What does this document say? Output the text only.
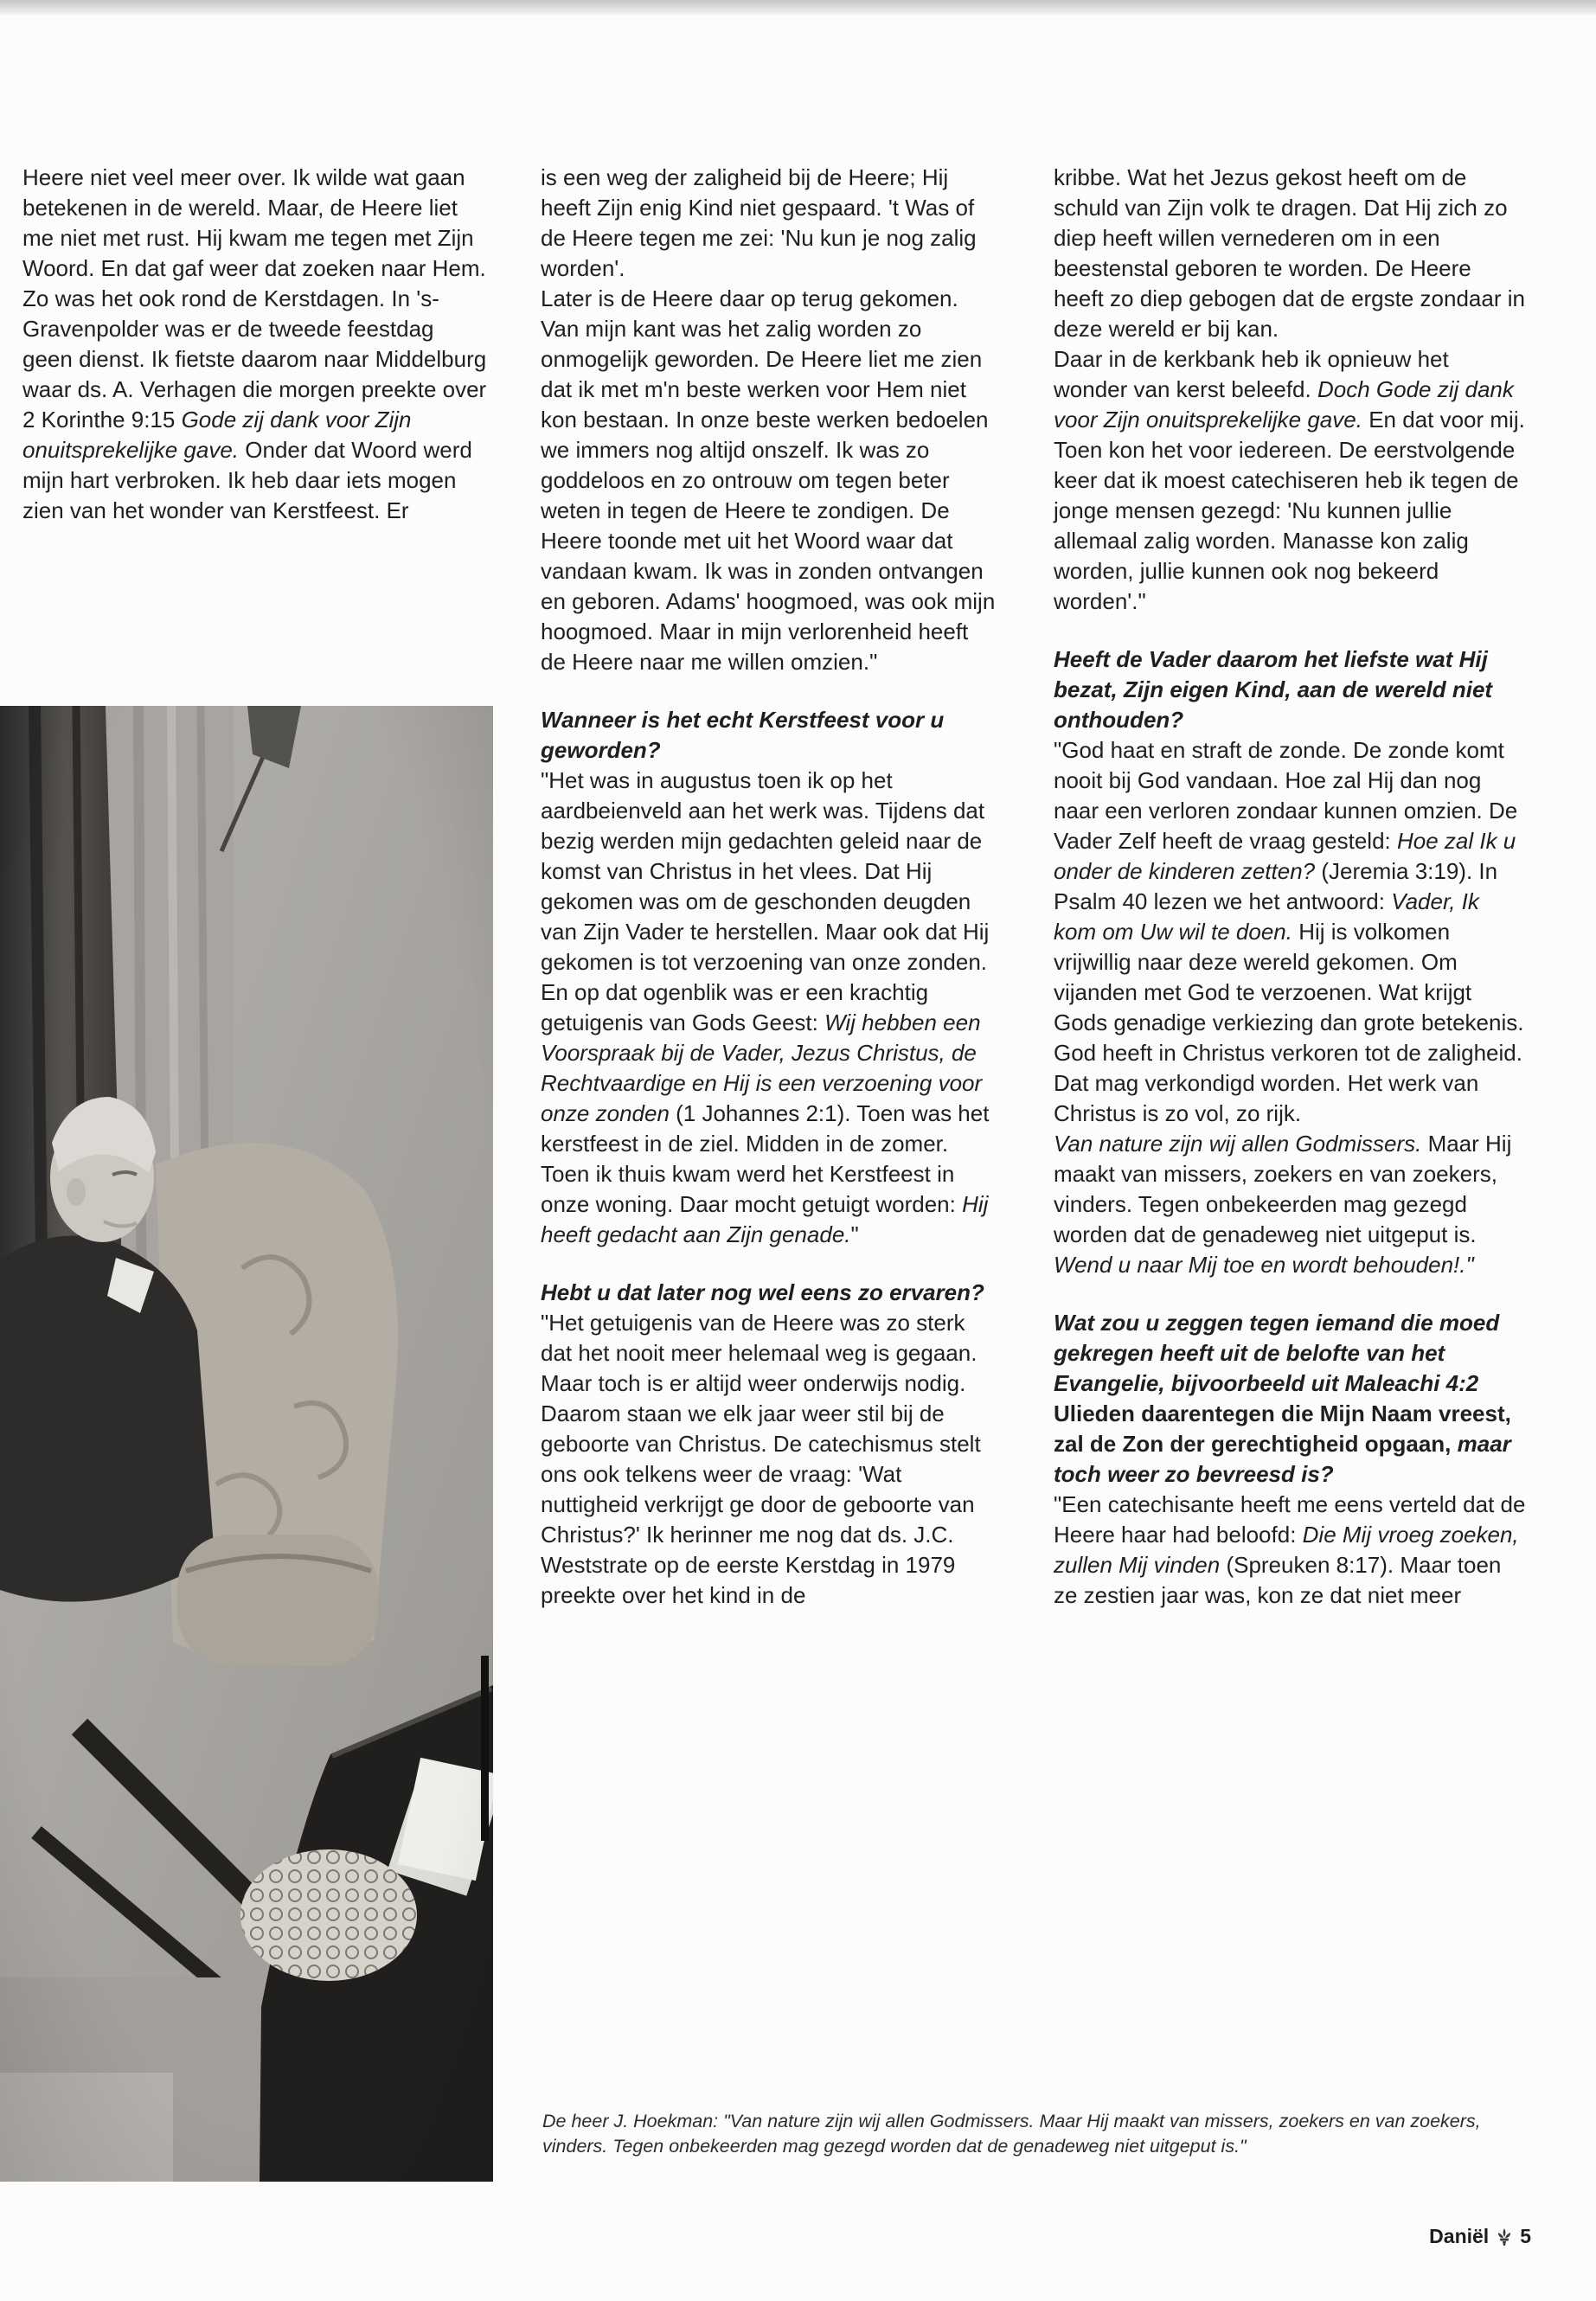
Heere niet veel meer over. Ik wilde wat gaan betekenen in de wereld. Maar, de Heere liet me niet met rust. Hij kwam me tegen met Zijn Woord. En dat gaf weer dat zoeken naar Hem. Zo was het ook rond de Kerstdagen. In 's-Gravenpolder was er de tweede feestdag geen dienst. Ik fietste daarom naar Middelburg waar ds. A. Verhagen die morgen preekte over 2 Korinthe 9:15 Gode zij dank voor Zijn onuitsprekelijke gave. Onder dat Woord werd mijn hart verbroken. Ik heb daar iets mogen zien van het wonder van Kerstfeest. Er

is een weg der zaligheid bij de Heere; Hij heeft Zijn enig Kind niet gespaard. 't Was of de Heere tegen me zei: 'Nu kun je nog zalig worden'.

Later is de Heere daar op terug gekomen. Van mijn kant was het zalig worden zo onmogelijk geworden. De Heere liet me zien dat ik met m'n beste werken voor Hem niet kon bestaan. In onze beste werken bedoelen we immers nog altijd onszelf. Ik was zo goddeloos en zo ontrouw om tegen beter weten in tegen de Heere te zondigen. De Heere toonde met uit het Woord waar dat vandaan kwam. Ik was in zonden ontvangen en geboren. Adams' hoogmoed, was ook mijn hoogmoed. Maar in mijn verlorenheid heeft de Heere naar me willen omzien."

Wanneer is het echt Kerstfeest voor u geworden?

"Het was in augustus toen ik op het aardbeienveld aan het werk was. Tijdens dat bezig werden mijn gedachten geleid naar de komst van Christus in het vlees. Dat Hij gekomen was om de geschonden deugden van Zijn Vader te herstellen. Maar ook dat Hij gekomen is tot verzoening van onze zonden. En op dat ogenblik was er een krachtig getuigenis van Gods Geest: Wij hebben een Voorspraak bij de Vader, Jezus Christus, de Rechtvaardige en Hij is een verzoening voor onze zonden (1 Johannes 2:1). Toen was het kerstfeest in de ziel. Midden in de zomer. Toen ik thuis kwam werd het Kerstfeest in onze woning. Daar mocht getuigt worden: Hij heeft gedacht aan Zijn genade."

Hebt u dat later nog wel eens zo ervaren?

"Het getuigenis van de Heere was zo sterk dat het nooit meer helemaal weg is gegaan. Maar toch is er altijd weer onderwijs nodig. Daarom staan we elk jaar weer stil bij de geboorte van Christus. De catechismus stelt ons ook telkens weer de vraag: 'Wat nuttigheid verkrijgt ge door de geboorte van Christus?' Ik herinner me nog dat ds. J.C. Weststrate op de eerste Kerstdag in 1979 preekte over het kind in de

kribbe. Wat het Jezus gekost heeft om de schuld van Zijn volk te dragen. Dat Hij zich zo diep heeft willen vernederen om in een beestenstal geboren te worden. De Heere heeft zo diep gebogen dat de ergste zondaar in deze wereld er bij kan.

Daar in de kerkbank heb ik opnieuw het wonder van kerst beleefd. Doch Gode zij dank voor Zijn onuitsprekelijke gave. En dat voor mij. Toen kon het voor iedereen. De eerstvolgende keer dat ik moest catechiseren heb ik tegen de jonge mensen gezegd: 'Nu kunnen jullie allemaal zalig worden. Manasse kon zalig worden, jullie kunnen ook nog bekeerd worden'."

Heeft de Vader daarom het liefste wat Hij bezat, Zijn eigen Kind, aan de wereld niet onthouden?

"God haat en straft de zonde. De zonde komt nooit bij God vandaan. Hoe zal Hij dan nog naar een verloren zondaar kunnen omzien. De Vader Zelf heeft de vraag gesteld: Hoe zal Ik u onder de kinderen zetten? (Jeremia 3:19). In Psalm 40 lezen we het antwoord: Vader, Ik kom om Uw wil te doen. Hij is volkomen vrijwillig naar deze wereld gekomen. Om vijanden met God te verzoenen. Wat krijgt Gods genadige verkiezing dan grote betekenis. God heeft in Christus verkoren tot de zaligheid. Dat mag verkondigd worden. Het werk van Christus is zo vol, zo rijk.

Van nature zijn wij allen Godmissers. Maar Hij maakt van missers, zoekers en van zoekers, vinders. Tegen onbekeerden mag gezegd worden dat de genadeweg niet uitgeput is. Wend u naar Mij toe en wordt behouden!."

Wat zou u zeggen tegen iemand die moed gekregen heeft uit de belofte van het Evangelie, bijvoorbeeld uit Maleachi 4:2 Ulieden daarentegen die Mijn Naam vreest, zal de Zon der gerechtigheid opgaan, maar toch weer zo bevreesd is?

"Een catechisante heeft me eens verteld dat de Heere haar had beloofd: Die Mij vroeg zoeken, zullen Mij vinden (Spreuken 8:17). Maar toen ze zestien jaar was, kon ze dat niet meer

De heer J. Hoekman: "Van nature zijn wij allen Godmissers. Maar Hij maakt van missers, zoekers en van zoekers, vinders. Tegen onbekeerden mag gezegd worden dat de genadeweg niet uitgeput is."
Daniël 5
